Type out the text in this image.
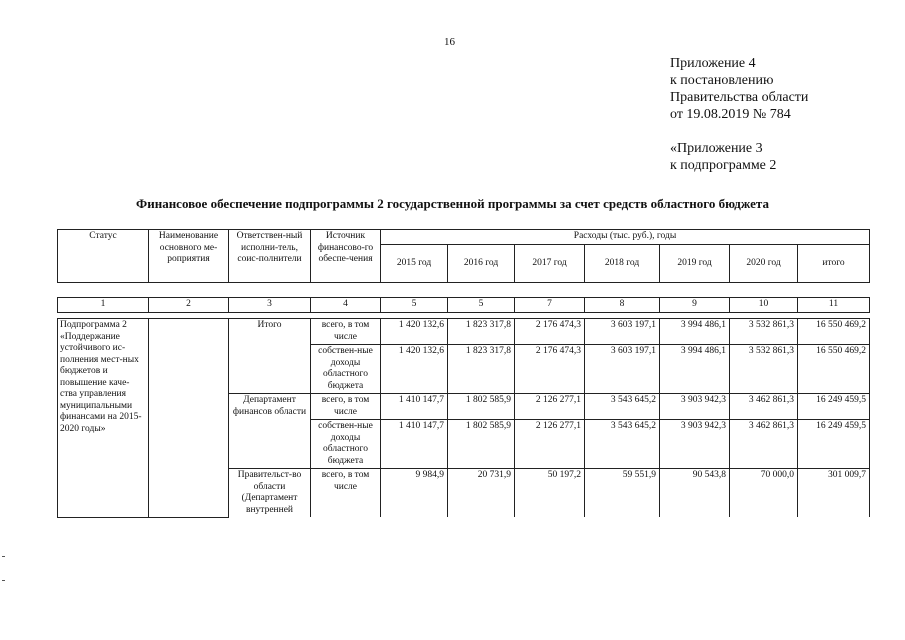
16
Приложение 4
к постановлению
Правительства области
от 19.08.2019 № 784
«Приложение 3
к подпрограмме 2
Финансовое обеспечение подпрограммы 2 государственной программы за счет средств областного бюджета
Статус	Наименование основного ме-роприятия	Ответствен-ный исполни-тель, соис-полнители	Источник финансово-го обеспе-чения	Расходы (тыс. руб.), годы						
				2015 год	2016 год	2017 год	2018 год	2019 год	2020 год	итого
1	2	3	4	5	5	7	8	9	10	11
Подпрограмма 2 «Поддержание устойчивого ис-полнения мест-ных бюджетов и повышение каче-ства управления муниципальными финансами на 2015-2020 годы»		Итого	всего, в том числе	1 420 132,6	1 823 317,8	2 176 474,3	3 603 197,1	3 994 486,1	3 532 861,3	16 550 469,2
			собствен-ные доходы областного бюджета	1 420 132,6	1 823 317,8	2 176 474,3	3 603 197,1	3 994 486,1	3 532 861,3	16 550 469,2
		Департамент финансов области	всего, в том числе	1 410 147,7	1 802 585,9	2 126 277,1	3 543 645,2	3 903 942,3	3 462 861,3	16 249 459,5
			собствен-ные доходы областного бюджета	1 410 147,7	1 802 585,9	2 126 277,1	3 543 645,2	3 903 942,3	3 462 861,3	16 249 459,5
		Правительст-во области (Департамент внутренней	всего, в том числе	9 984,9	20 731,9	50 197,2	59 551,9	90 543,8	70 000,0	301 009,7
